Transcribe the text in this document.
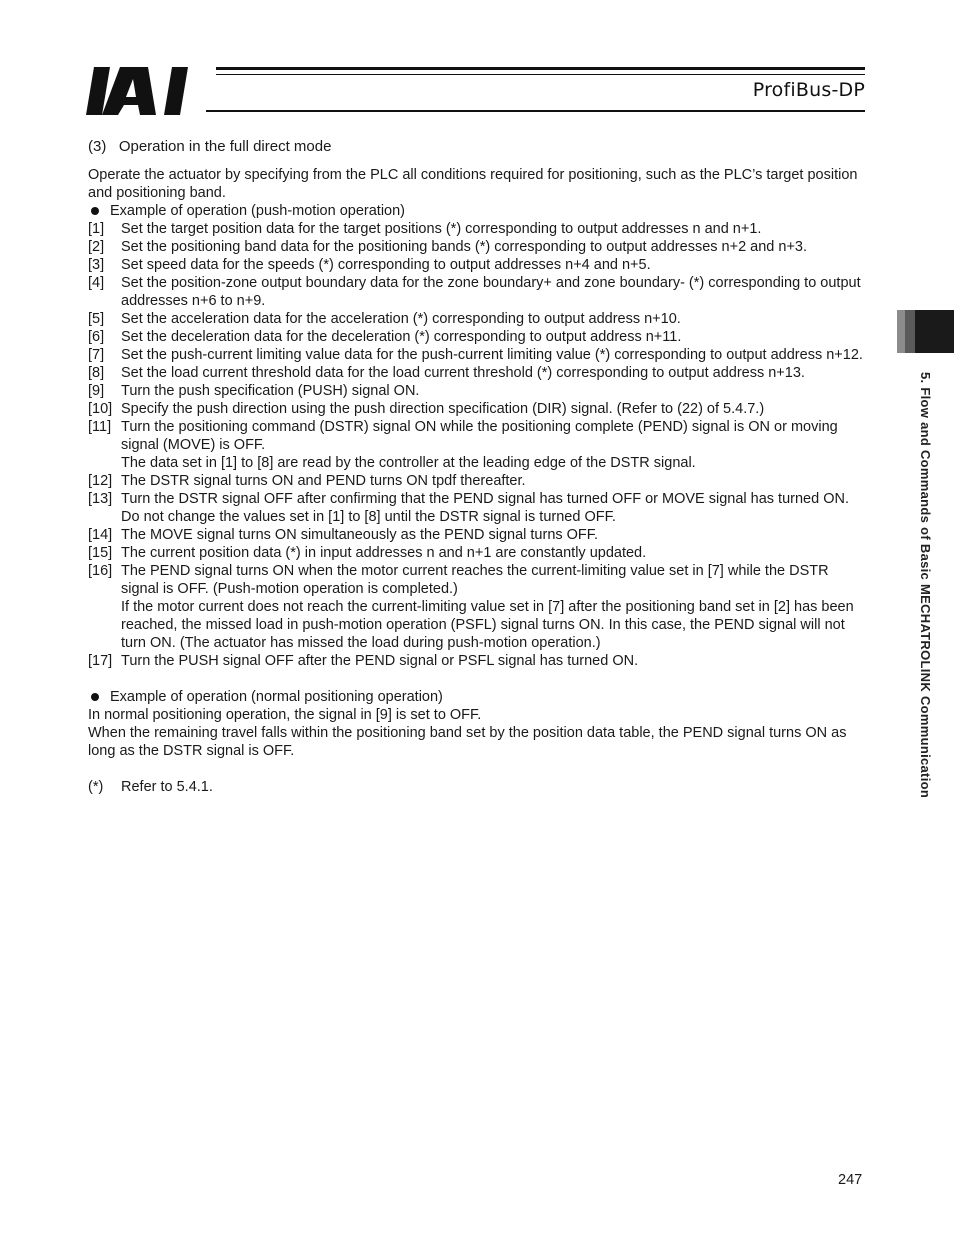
ProfiBus-DP
(3)   Operation in the full direct mode

Operate the actuator by specifying from the PLC all conditions required for positioning, such as the PLC’s target position and positioning band.

Example of operation (push-motion operation)
[1]	Set the target position data for the target positions (*) corresponding to output addresses n and n+1.
[2]	Set the positioning band data for the positioning bands (*) corresponding to output addresses n+2 and n+3.
[3]	Set speed data for the speeds (*) corresponding to output addresses n+4 and n+5.
[4]	Set the position-zone output boundary data for the zone boundary+ and zone boundary- (*) corresponding to output addresses n+6 to n+9.
[5]	Set the acceleration data for the acceleration (*) corresponding to output address n+10.
[6]	Set the deceleration data for the deceleration (*) corresponding to output address n+11.
[7]	Set the push-current limiting value data for the push-current limiting value (*) corresponding to output address n+12.
[8]	Set the load current threshold data for the load current threshold (*) corresponding to output address n+13.
[9]	Turn the push specification (PUSH) signal ON.
[10] Specify the push direction using the push direction specification (DIR) signal. (Refer to (22) of 5.4.7.)
[11] Turn the positioning command (DSTR) signal ON while the positioning complete (PEND) signal is ON or moving signal (MOVE) is OFF.
The data set in [1] to [8] are read by the controller at the leading edge of the DSTR signal.
[12] The DSTR signal turns ON and PEND turns ON tpdf thereafter.
[13] Turn the DSTR signal OFF after confirming that the PEND signal has turned OFF or MOVE signal has turned ON. Do not change the values set in [1] to [8] until the DSTR signal is turned OFF.
[14] The MOVE signal turns ON simultaneously as the PEND signal turns OFF.
[15] The current position data (*) in input addresses n and n+1 are constantly updated.
[16] The PEND signal turns ON when the motor current reaches the current-limiting value set in [7] while the DSTR signal is OFF. (Push-motion operation is completed.)
If the motor current does not reach the current-limiting value set in [7] after the positioning band set in [2] has been reached, the missed load in push-motion operation (PSFL) signal turns ON. In this case, the PEND signal will not turn ON. (The actuator has missed the load during push-motion operation.)
[17] Turn the PUSH signal OFF after the PEND signal or PSFL signal has turned ON.
Example of operation (normal positioning operation)

In normal positioning operation, the signal in [9] is set to OFF.

When the remaining travel falls within the positioning band set by the position data table, the PEND signal turns ON as long as the DSTR signal is OFF.

(*)	Refer to 5.4.1.	5. Flow and Commands of Basic MECHATROLINK Communication
247
